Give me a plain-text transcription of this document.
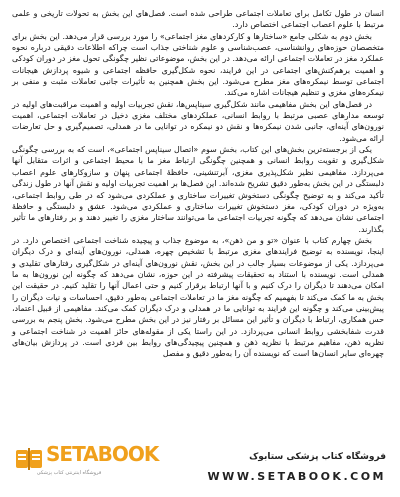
انسان در طول تکامل برای تعاملات اجتماعی طراحی شده است. فصل‌های این بخش به تحولات تاریخی و علمی مرتبط با علوم اعصاب اجتماعی اختصاص دارد.

بخش دوم به شکلی جامع «ساختارها و کارکردهای مغز اجتماعی» را مورد بررسی قرار می‌دهد. این بخش برای متخصصان حوزه‌های روانشناسی، عصب‌شناسی و علوم شناختی جذاب است چراکه اطلاعات دقیقی درباره نحوه عملکرد مغز در تعاملات اجتماعی ارائه می‌دهد. در این بخش، موضوعاتی نظیر چگونگی تحول مغز در دوران کودکی و اهمیت برهم‌کنش‌های اجتماعی در این فرایند، نحوه شکل‌گیری حافظه اجتماعی و شیوه پردازش هیجانات اجتماعی توسط نیمکره‌های مغز مطرح می‌شود. این بخش همچنین به تأثیرات جانبی تعاملات مثبت و منفی بر نیمکره‌های مغزی و تنظیم هیجانات اشاره می‌کند.

در فصل‌های این بخش مفاهیمی مانند شکل‌گیری سیناپس‌ها، نقش تجربیات اولیه و اهمیت مراقبت‌های اولیه در توسعه مدارهای عصبی مرتبط با روابط انسانی، عملکردهای مختلف مغزی دخیل در تعاملات اجتماعی، اهمیت نورون‌های آینه‌ای، جانبی شدن نیمکره‌ها و نقش دو نیمکره در توانایی ما در همدلی، تصمیم‌گیری و حل تعارضات ارائه می‌شود.

یکی از برجسته‌ترین بخش‌های این کتاب، بخش سوم «اتصال سیناپس اجتماعی»، است که به بررسی چگونگی شکل‌گیری و تقویت روابط انسانی و همچنین چگونگی ارتباط مغز ما با محیط اجتماعی و اثرات متقابل آنها می‌پردازد. مفاهیمی نظیر شکل‌پذیری مغزی، آبرتنشینی، حافظهٔ اجتماعی پنهان و سازوکارهای علوم اعصاب دلبستگی در این بخش به‌طور دقیق تشریح شده‌اند. این فصل‌ها بر اهمیت تجربیات اولیه و نقش آنها در طول زندگی تأکید می‌کند و به توضیح چگونگی دستخوش تغییرات ساختاری و عملکردی می‌شود که در طی روابط اجتماعی، به‌ویژه در دوران کودکی، مغز دستخوش تغییرات ساختاری و عملکردی می‌شود. عشق و دلبستگی و حافظهٔ اجتماعی نشان می‌دهد که چگونه تجربیات اجتماعی ما می‌توانند ساختار مغزی را تغییر دهند و بر رفتارهای ما تأثیر بگذارند.

بخش چهارم کتاب با عنوان «تو و من ذهن»، به موضوع جذاب و پیچیده شناخت اجتماعی اختصاص دارد. در اینجا، نویسنده به توضیح فرایندهای مغزی مرتبط با تشخیص چهره، همدلی، نورون‌های آینه‌ای و درک دیگران می‌پردازد. یکی از موضوعات بسیار جالب در این بخش، نقش نورون‌های آینه‌ای در شکل‌گیری رفتارهای تقلیدی و همدلی است. نویسنده با استناد به تحقیقات پیشرفته در این حوزه، نشان می‌دهد که چگونه این نورون‌ها به ما امکان می‌دهند تا دیگران را درک کنیم و با آنها ارتباط برقرار کنیم و حتی اعمال آنها را تقلید کنیم. در حقیقت این بخش به ما کمک می‌کند تا بفهمیم که چگونه مغز ما در تعاملات اجتماعی به‌طور دقیق، احساسات و نیات دیگران را پیش‌بینی می‌کند و چگونه این فرایند به توانایی ما در همدلی و درک دیگران کمک می‌کند. مفاهیمی از قبیل اعتماد، حس همکاری، ارتباط با دیگران و تأثیر این مسائل بر رفتار نیز در این بخش مطرح می‌شود. بخش پنجم به بررسی قدرت شفا‌بخشی روابط انسانی می‌پردازد. در این راستا یکی از مقوله‌های حائز اهمیت در شناخت اجتماعی و نظریه ذهن، مفاهیم مرتبط با نظریه ذهن و همچنین پیچیدگی‌های روابط بین فردی است. در پردازش بیان‌های چهره‌ای سایر انسان‌ها است که نویسنده آن را به‌طور دقیق و مفصل

SETABOOK
فروشگاه اینترنتی کتاب پزشکی
فروشگاه کتاب پزشکی ستابوک
WWW.SETABOOK.COM
